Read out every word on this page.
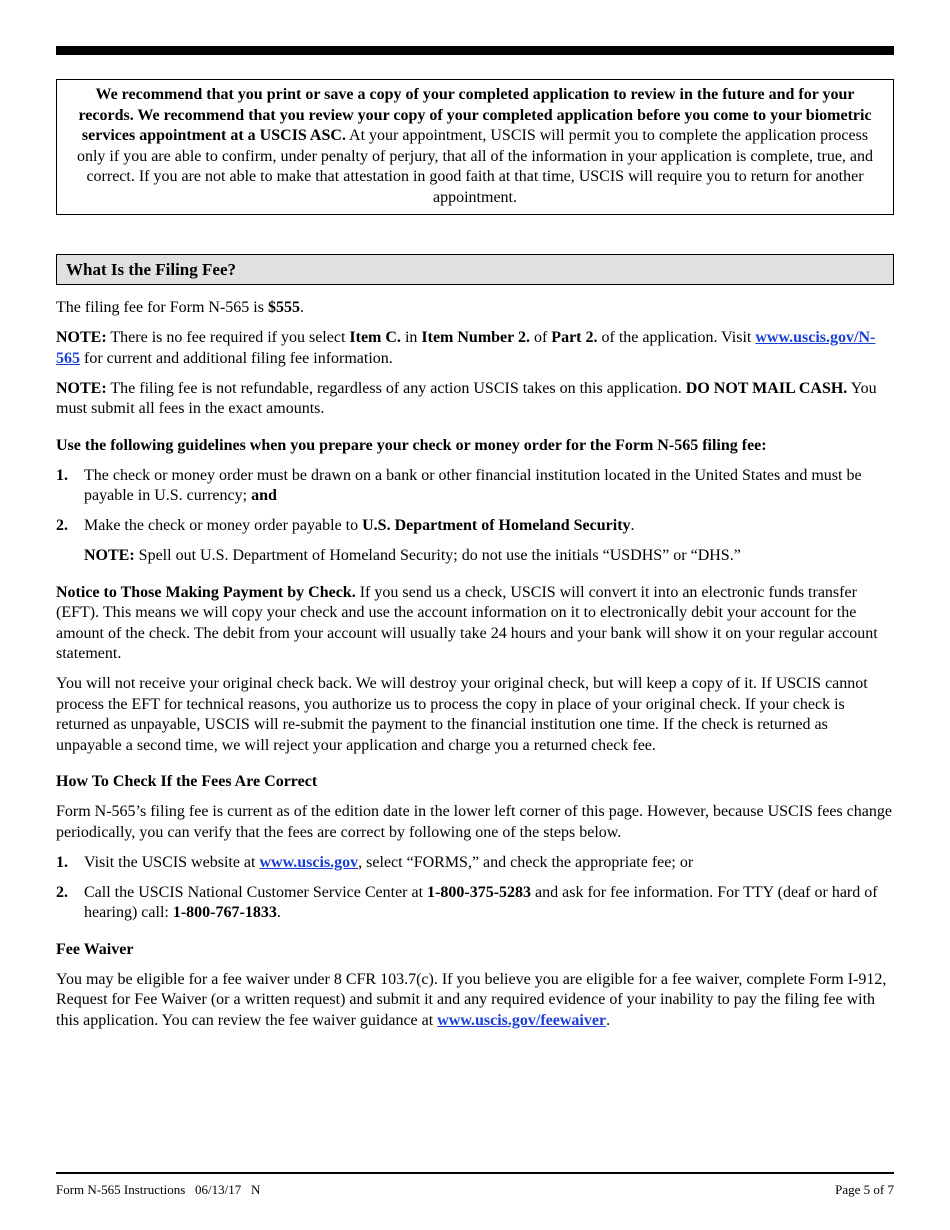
We recommend that you print or save a copy of your completed application to review in the future and for your records. We recommend that you review your copy of your completed application before you come to your biometric services appointment at a USCIS ASC. At your appointment, USCIS will permit you to complete the application process only if you are able to confirm, under penalty of perjury, that all of the information in your application is complete, true, and correct. If you are not able to make that attestation in good faith at that time, USCIS will require you to return for another appointment.
What Is the Filing Fee?

The filing fee for Form N-565 is $555.

NOTE: There is no fee required if you select Item C. in Item Number 2. of Part 2. of the application. Visit www.uscis.gov/N-565 for current and additional filing fee information.

NOTE: The filing fee is not refundable, regardless of any action USCIS takes on this application. DO NOT MAIL CASH. You must submit all fees in the exact amounts.

Use the following guidelines when you prepare your check or money order for the Form N-565 filing fee:

1. The check or money order must be drawn on a bank or other financial institution located in the United States and must be payable in U.S. currency; and
2. Make the check or money order payable to U.S. Department of Homeland Security.

NOTE: Spell out U.S. Department of Homeland Security; do not use the initials “USDHS” or “DHS.”

Notice to Those Making Payment by Check. If you send us a check, USCIS will convert it into an electronic funds transfer (EFT). This means we will copy your check and use the account information on it to electronically debit your account for the amount of the check. The debit from your account will usually take 24 hours and your bank will show it on your regular account statement.

You will not receive your original check back. We will destroy your original check, but will keep a copy of it. If USCIS cannot process the EFT for technical reasons, you authorize us to process the copy in place of your original check. If your check is returned as unpayable, USCIS will re-submit the payment to the financial institution one time. If the check is returned as unpayable a second time, we will reject your application and charge you a returned check fee.

How To Check If the Fees Are Correct

Form N-565’s filing fee is current as of the edition date in the lower left corner of this page. However, because USCIS fees change periodically, you can verify that the fees are correct by following one of the steps below.

1. Visit the USCIS website at www.uscis.gov, select “FORMS,” and check the appropriate fee; or
2. Call the USCIS National Customer Service Center at 1-800-375-5283 and ask for fee information. For TTY (deaf or hard of hearing) call: 1-800-767-1833.

Fee Waiver

You may be eligible for a fee waiver under 8 CFR 103.7(c). If you believe you are eligible for a fee waiver, complete Form I-912, Request for Fee Waiver (or a written request) and submit it and any required evidence of your inability to pay the filing fee with this application. You can review the fee waiver guidance at www.uscis.gov/feewaiver.

Form N-565 Instructions   06/13/17   N	Page 5 of 7
